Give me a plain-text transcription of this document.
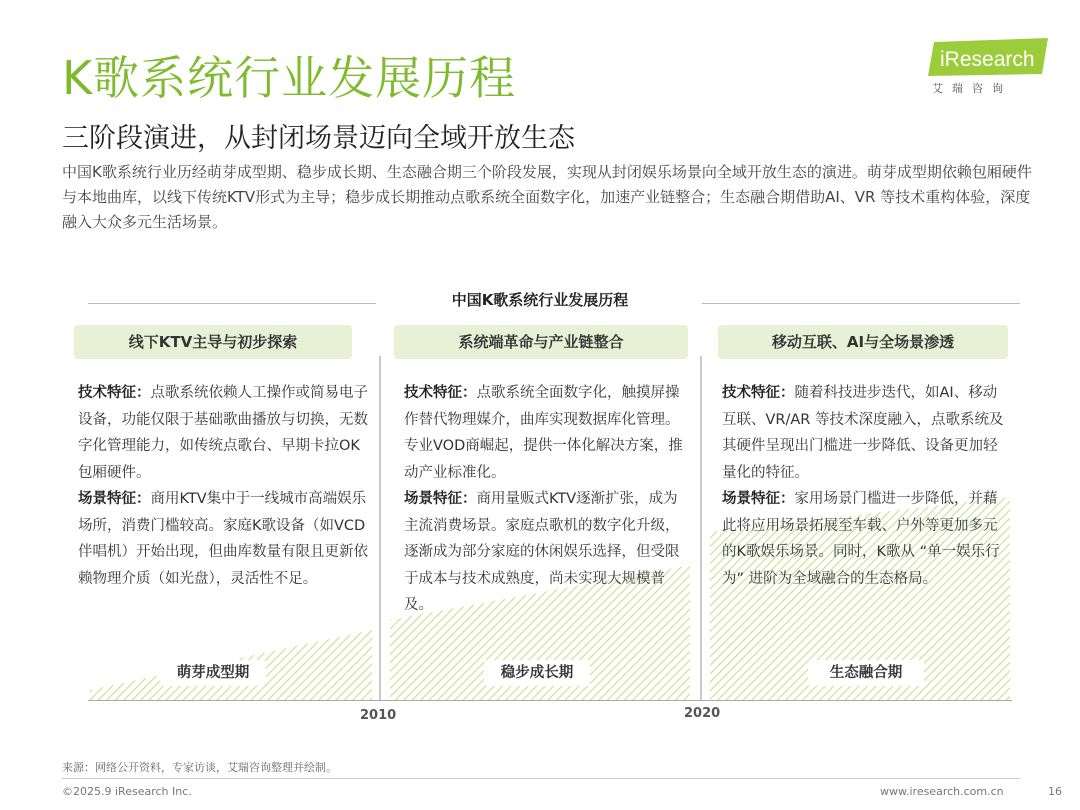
K歌系统行业发展历程
三阶段演进，从封闭场景迈向全域开放生态
中国K歌系统行业历经萌芽成型期、稳步成长期、生态融合期三个阶段发展，实现从封闭娱乐场景向全域开放生态的演进。萌芽成型期依赖包厢硬件与本地曲库，以线下传统KTV形式为主导；稳步成长期推动点歌系统全面数字化，加速产业链整合；生态融合期借助AI、VR 等技术重构体验，深度融入大众多元生活场景。
iResearch
艾瑞咨询
中国K歌系统行业发展历程
线下KTV主导与初步探索	系统端革命与产业链整合	移动互联、AI与全场景渗透
技术特征：点歌系统依赖人工操作或简易电子设备，功能仅限于基础歌曲播放与切换，无数字化管理能力，如传统点歌台、早期卡拉OK包厢硬件。
场景特征：商用KTV集中于一线城市高端娱乐场所，消费门槛较高。家庭K歌设备（如VCD伴唱机）开始出现，但曲库数量有限且更新依赖物理介质（如光盘），灵活性不足。
技术特征：点歌系统全面数字化，触摸屏操作替代物理媒介，曲库实现数据库化管理。专业VOD商崛起，提供一体化解决方案，推动产业标准化。
场景特征：商用量贩式KTV逐渐扩张，成为主流消费场景。家庭点歌机的数字化升级，逐渐成为部分家庭的休闲娱乐选择，但受限于成本与技术成熟度，尚未实现大规模普及。
技术特征：随着科技进步迭代，如AI、移动互联、VR/AR 等技术深度融入，点歌系统及其硬件呈现出门槛进一步降低、设备更加轻量化的特征。
场景特征：家用场景门槛进一步降低，并藉此将应用场景拓展至车载、户外等更加多元的K歌娱乐场景。同时，K歌从 “单一娱乐行为” 进阶为全域融合的生态格局。
萌芽成型期	稳步成长期	生态融合期
2010	2020
来源：网络公开资料，专家访谈，艾瑞咨询整理并绘制。
©2025.9 iResearch Inc.	www.iresearch.com.cn	16
